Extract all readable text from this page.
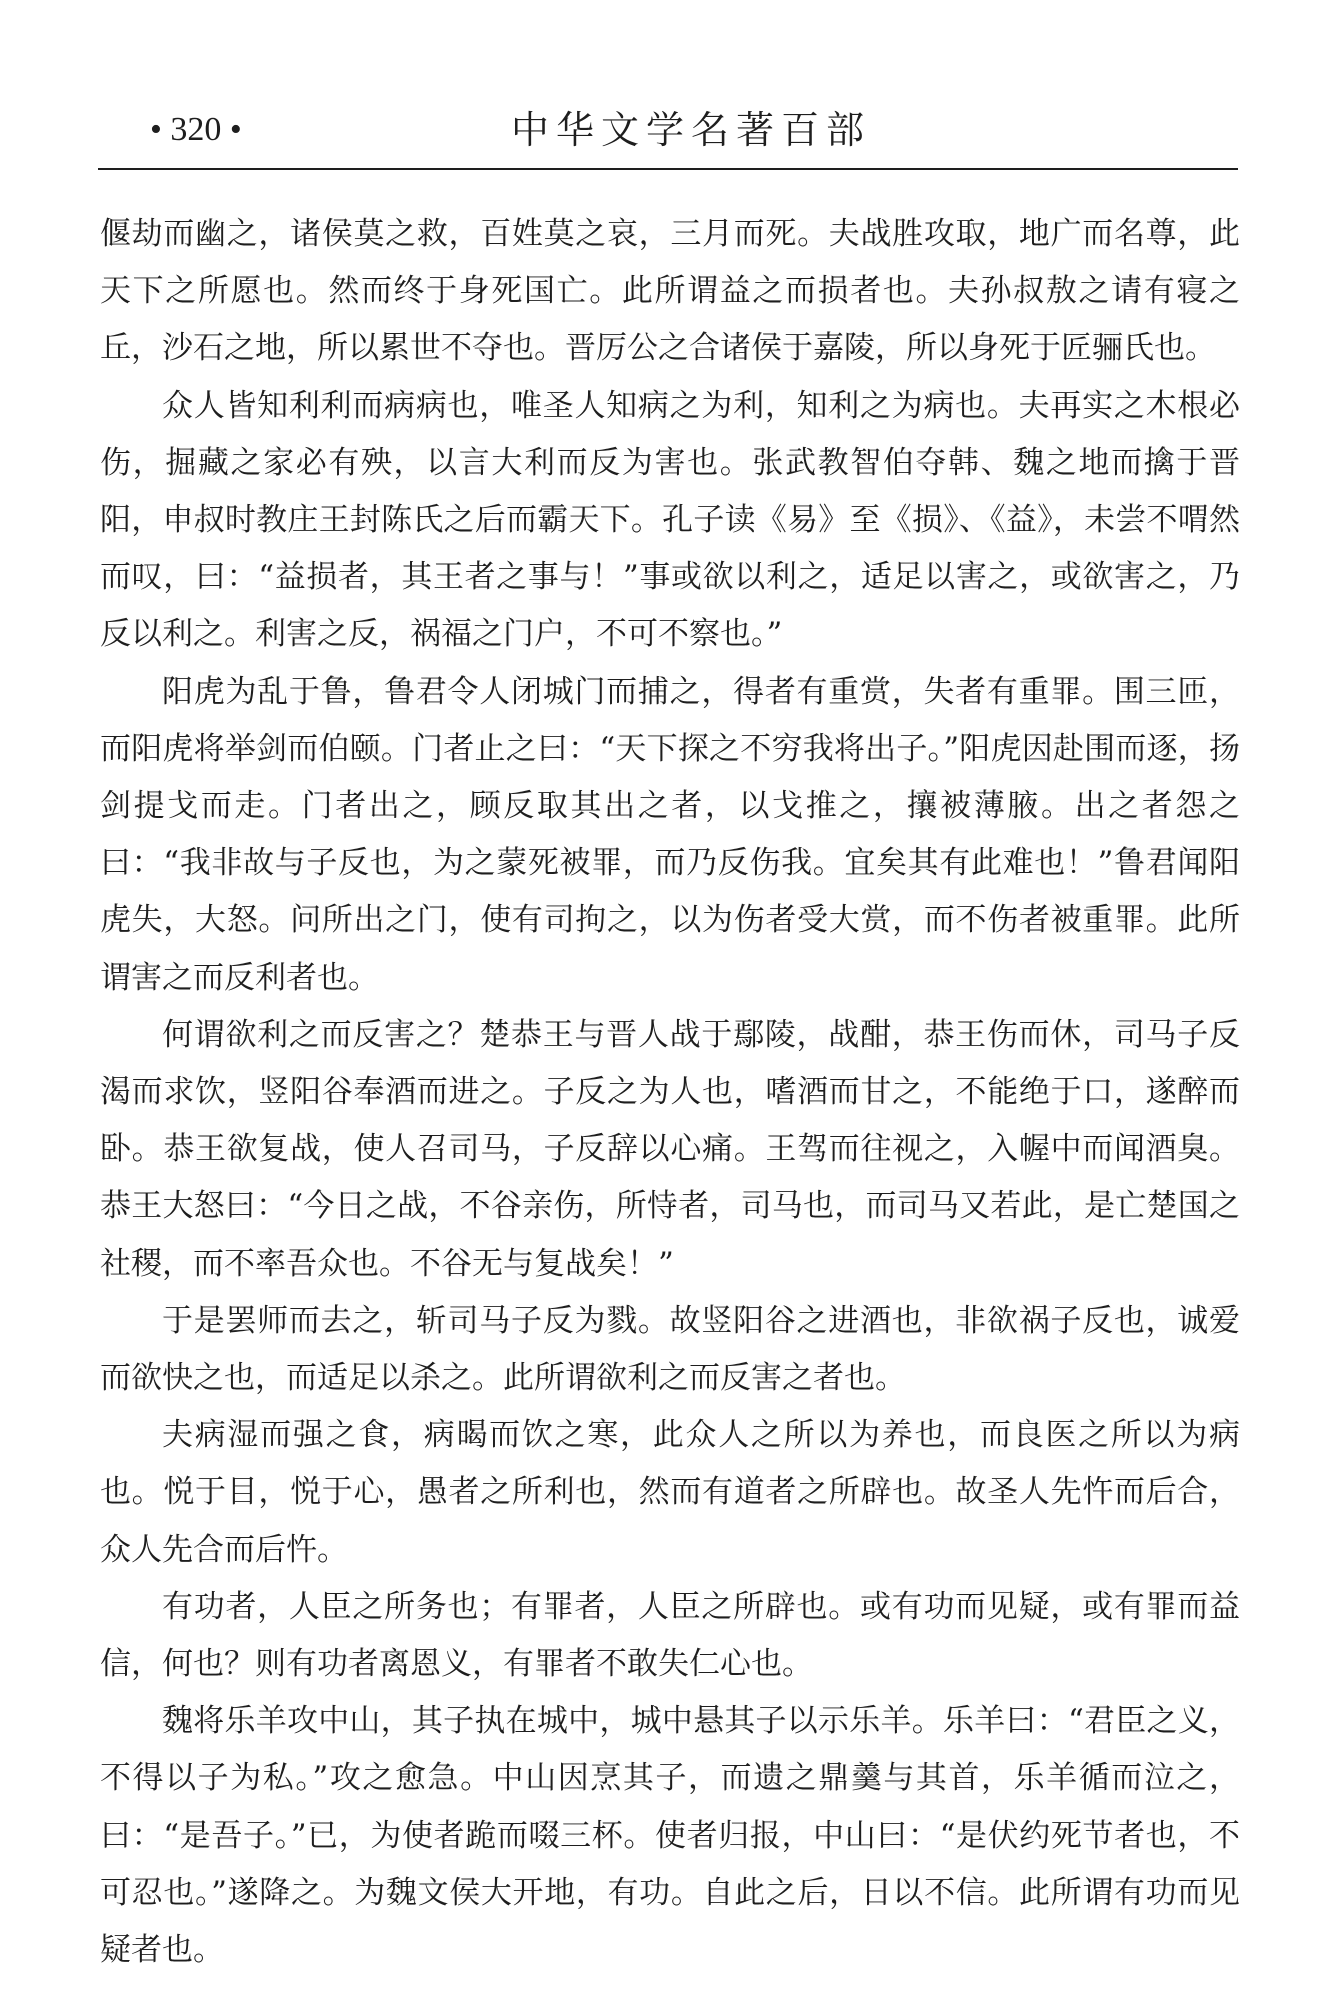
• 320 •	中华文学名著百部

偃劫而幽之，诸侯莫之救，百姓莫之哀，三月而死。夫战胜攻取，地广而名尊，此天下之所愿也。然而终于身死国亡。此所谓益之而损者也。夫孙叔敖之请有寝之丘，沙石之地，所以累世不夺也。晋厉公之合诸侯于嘉陵，所以身死于匠骊氏也。

众人皆知利利而病病也，唯圣人知病之为利，知利之为病也。夫再实之木根必伤，掘藏之家必有殃，以言大利而反为害也。张武教智伯夺韩、魏之地而擒于晋阳，申叔时教庄王封陈氏之后而霸天下。孔子读《易》至《损》、《益》，未尝不喟然而叹，曰：“益损者，其王者之事与！”事或欲以利之，适足以害之，或欲害之，乃反以利之。利害之反，祸福之门户，不可不察也。”

阳虎为乱于鲁，鲁君令人闭城门而捕之，得者有重赏，失者有重罪。围三匝，而阳虎将举剑而伯颐。门者止之曰：“天下探之不穷我将出子。”阳虎因赴围而逐，扬剑提戈而走。门者出之，顾反取其出之者，以戈推之，攘被薄腋。出之者怨之曰：“我非故与子反也，为之蒙死被罪，而乃反伤我。宜矣其有此难也！”鲁君闻阳虎失，大怒。问所出之门，使有司拘之，以为伤者受大赏，而不伤者被重罪。此所谓害之而反利者也。

何谓欲利之而反害之？楚恭王与晋人战于鄢陵，战酣，恭王伤而休，司马子反渴而求饮，竖阳谷奉酒而进之。子反之为人也，嗜酒而甘之，不能绝于口，遂醉而卧。恭王欲复战，使人召司马，子反辞以心痛。王驾而往视之，入幄中而闻酒臭。恭王大怒曰：“今日之战，不谷亲伤，所恃者，司马也，而司马又若此，是亡楚国之社稷，而不率吾众也。不谷无与复战矣！”

于是罢师而去之，斩司马子反为戮。故竖阳谷之进酒也，非欲祸子反也，诚爱而欲快之也，而适足以杀之。此所谓欲利之而反害之者也。

夫病湿而强之食，病暍而饮之寒，此众人之所以为养也，而良医之所以为病也。悦于目，悦于心，愚者之所利也，然而有道者之所辟也。故圣人先忤而后合，众人先合而后忤。

有功者，人臣之所务也；有罪者，人臣之所辟也。或有功而见疑，或有罪而益信，何也？则有功者离恩义，有罪者不敢失仁心也。

魏将乐羊攻中山，其子执在城中，城中悬其子以示乐羊。乐羊曰：“君臣之义，不得以子为私。”攻之愈急。中山因烹其子，而遗之鼎羹与其首，乐羊循而泣之，曰：“是吾子。”已，为使者跪而啜三杯。使者归报，中山曰：“是伏约死节者也，不可忍也。”遂降之。为魏文侯大开地，有功。自此之后，日以不信。此所谓有功而见疑者也。
